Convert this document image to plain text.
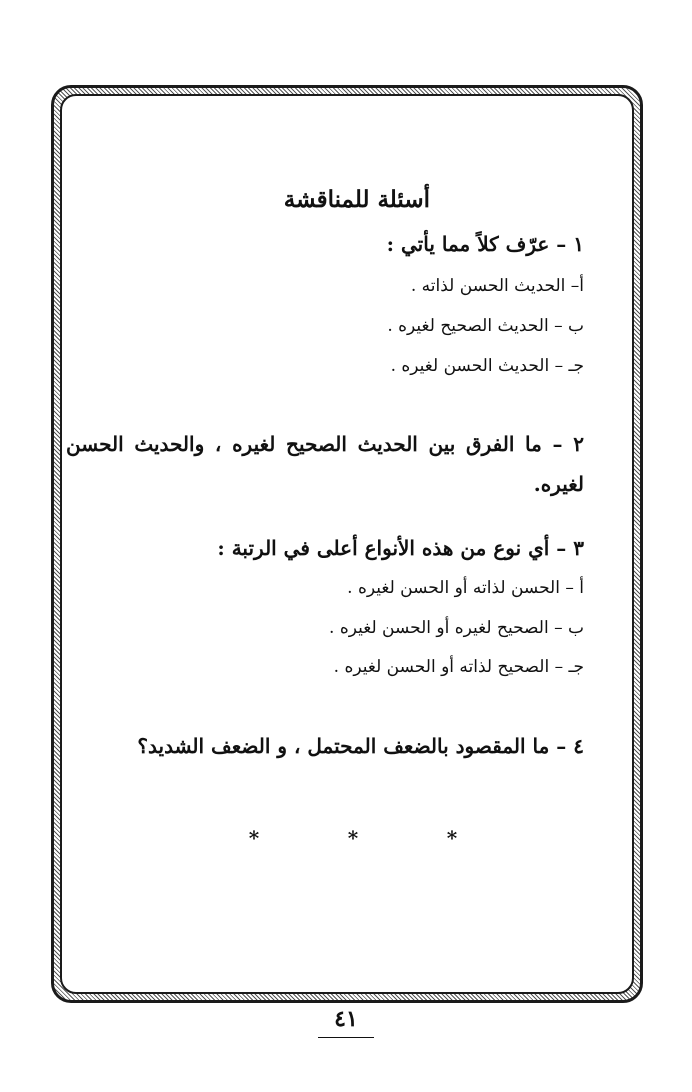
أسئلة للمناقشة

١ – عرّف كلاً مما يأتي :

أ– الحديث الحسن لذاته .

ب – الحديث الصحيح لغيره .

جـ – الحديث الحسن لغيره .

٢ – ما الفرق بين الحديث الصحيح لغيره ، والحديث الحسن لغيره.

٣ – أي نوع من هذه الأنواع أعلى في الرتبة :

أ – الحسن لذاته أو الحسن لغيره .

ب – الصحيح لغيره أو الحسن لغيره .

جـ – الصحيح لذاته أو الحسن لغيره .

٤ – ما المقصود بالضعف المحتمل ، و الضعف الشديد؟

*	*	*
٤١
